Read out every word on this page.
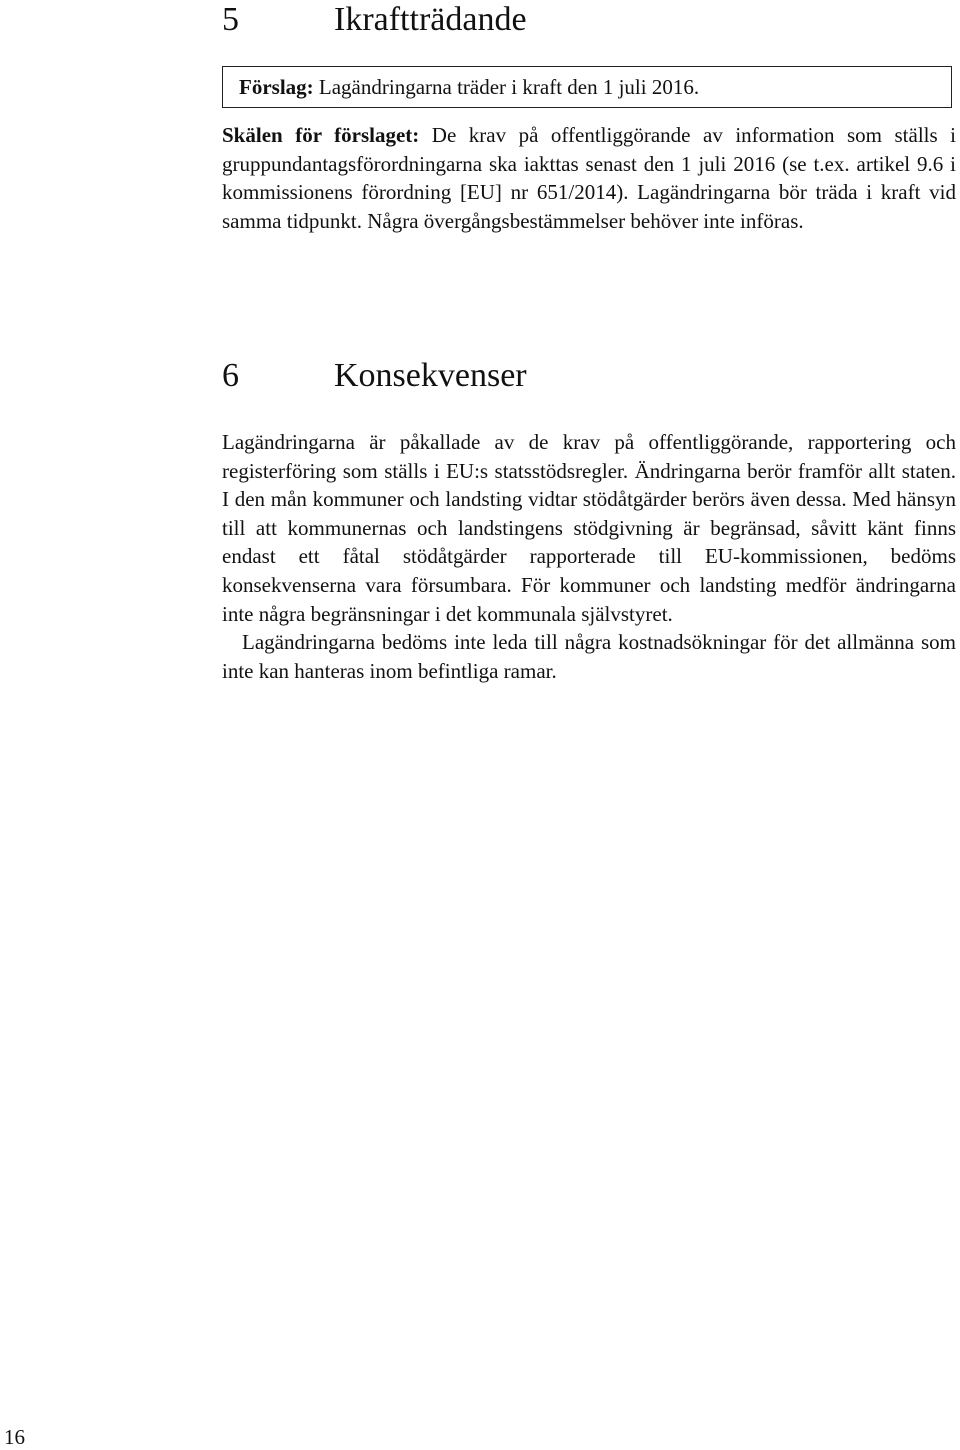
5	Ikraftträdande
Förslag: Lagändringarna träder i kraft den 1 juli 2016.
Skälen för förslaget: De krav på offentliggörande av information som ställs i gruppundantagsförordningarna ska iakttas senast den 1 juli 2016 (se t.ex. artikel 9.6 i kommissionens förordning [EU] nr 651/2014). Lagändringarna bör träda i kraft vid samma tidpunkt. Några övergångsbestämmelser behöver inte införas.
6	Konsekvenser

Lagändringarna är påkallade av de krav på offentliggörande, rapportering och registerföring som ställs i EU:s statsstödsregler. Ändringarna berör framför allt staten. I den mån kommuner och landsting vidtar stödåtgärder berörs även dessa. Med hänsyn till att kommunernas och landstingens stödgivning är begränsad, såvitt känt finns endast ett fåtal stödåtgärder rapporterade till EU-kommissionen, bedöms konsekvenserna vara försumbara. För kommuner och landsting medför ändringarna inte några begränsningar i det kommunala självstyret.

Lagändringarna bedöms inte leda till några kostnadsökningar för det allmänna som inte kan hanteras inom befintliga ramar.

16
